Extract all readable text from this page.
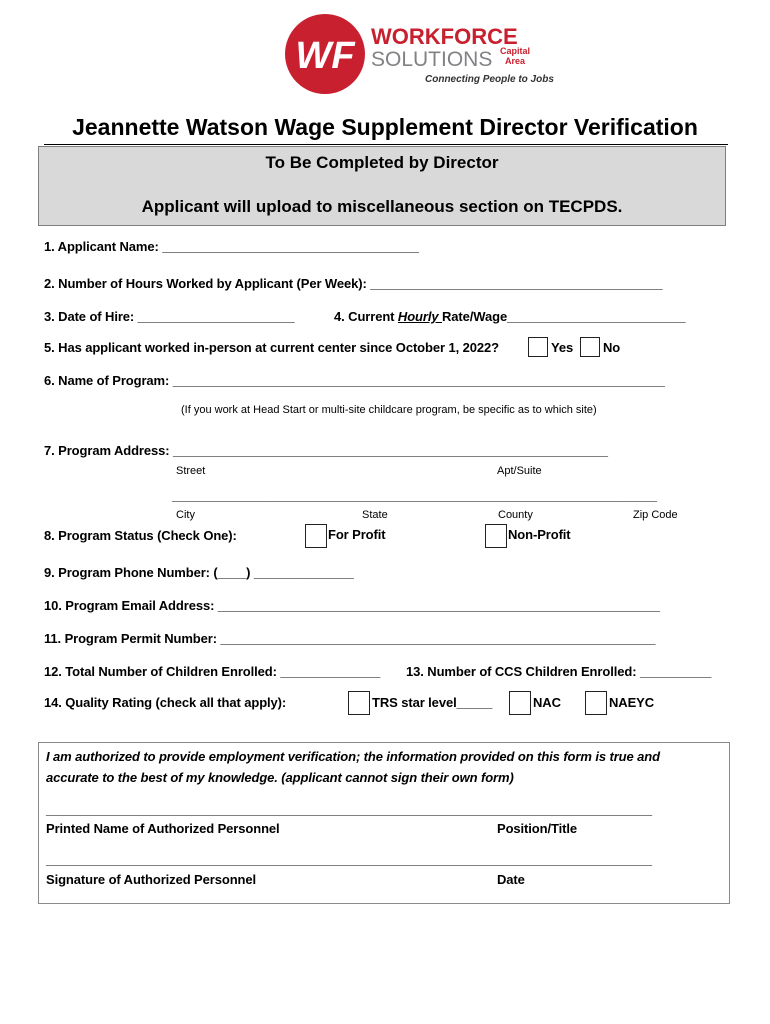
WF WORKFORCE
SOLUTIONS Capital
Area
Connecting People to Jobs
Jeannette Watson Wage Supplement Director Verification
To Be Completed by Director
Applicant will upload to miscellaneous section on TECPDS.
1. Applicant Name: ____________________________________
2. Number of Hours Worked by Applicant (Per Week): _________________________________________
3. Date of Hire: ______________________	4. Current Hourly Rate/Wage_________________________
5. Has applicant worked in-person at current center since October 1, 2022?	Yes No
6. Name of Program: _____________________________________________________________________
(If you work at Head Start or multi-site childcare program, be specific as to which site)
7. Program Address: _____________________________________________________________
Street	Apt/Suite
____________________________________________________________________
City	State	County	Zip Code
8. Program Status (Check One):	For Profit	Non-Profit
9. Program Phone Number: (____) ______________
10. Program Email Address: ______________________________________________________________
11. Program Permit Number: _____________________________________________________________
12. Total Number of Children Enrolled: ______________ 13. Number of CCS Children Enrolled: __________
14. Quality Rating (check all that apply):	TRS star level_____	NAC	NAEYC
I am authorized to provide employment verification; the information provided on this form is true and
accurate to the best of my knowledge. (applicant cannot sign their own form)
_____________________________________________________________________________________
Printed Name of Authorized Personnel	Position/Title
_____________________________________________________________________________________
Signature of Authorized Personnel	Date
